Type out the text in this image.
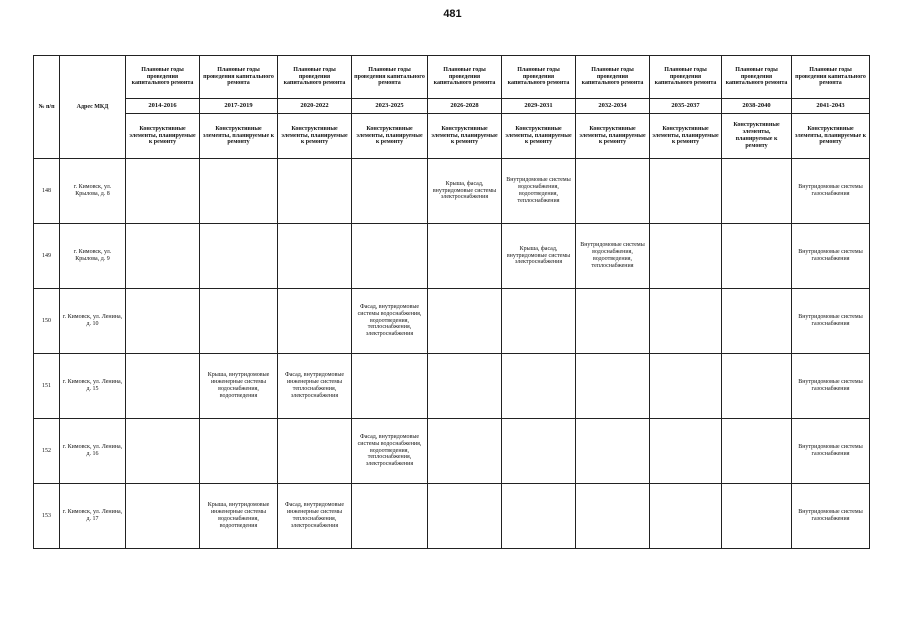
481
№ п/п	Адрес МКД	Плановые годы проведения капитального ремонта	Плановые годы проведения капитального ремонта	Плановые годы проведения капитального ремонта	Плановые годы проведения капитального ремонта	Плановые годы проведения капитального ремонта	Плановые годы проведения капитального ремонта	Плановые годы проведения капитального ремонта	Плановые годы проведения капитального ремонта	Плановые годы проведения капитального ремонта	Плановые годы проведения капитального ремонта
		2014-2016	2017-2019	2020-2022	2023-2025	2026-2028	2029-2031	2032-2034	2035-2037	2038-2040	2041-2043
		Конструктивные элементы, планируемые к ремонту	Конструктивные элементы, планируемые к ремонту	Конструктивные элементы, планируемые к ремонту	Конструктивные элементы, планируемые к ремонту	Конструктивные элементы, планируемые к ремонту	Конструктивные элементы, планируемые к ремонту	Конструктивные элементы, планируемые к ремонту	Конструктивные элементы, планируемые к ремонту	Конструктивные элементы, планируемые к ремонту	Конструктивные элементы, планируемые к ремонту
148	г. Кимовск, ул. Крылова, д. 8					Крыша, фасад, внутридомовые системы электроснабжения	Внутридомовые системы водоснабжения, водоотведения, теплоснабжения				Внутридомовые системы газоснабжения
149	г. Кимовск, ул. Крылова, д. 9						Крыша, фасад, внутридомовые системы электроснабжения	Внутридомовые системы водоснабжения, водоотведения, теплоснабжения			Внутридомовые системы газоснабжения
150	г. Кимовск, ул. Ленина, д. 10				Фасад, внутридомовые системы водоснабжения, водоотведения, теплоснабжения, электроснабжения						Внутридомовые системы газоснабжения
151	г. Кимовск, ул. Ленина, д. 15		Крыша, внутридомовые инженерные системы водоснабжения, водоотведения	Фасад, внутридомовые инженерные системы теплоснабжения, электроснабжения							Внутридомовые системы газоснабжения
152	г. Кимовск, ул. Ленина, д. 16				Фасад, внутридомовые системы водоснабжения, водоотведения, теплоснабжения, электроснабжения						Внутридомовые системы газоснабжения
153	г. Кимовск, ул. Ленина, д. 17		Крыша, внутридомовые инженерные системы водоснабжения, водоотведения	Фасад, внутридомовые инженерные системы теплоснабжения, электроснабжения							Внутридомовые системы газоснабжения
